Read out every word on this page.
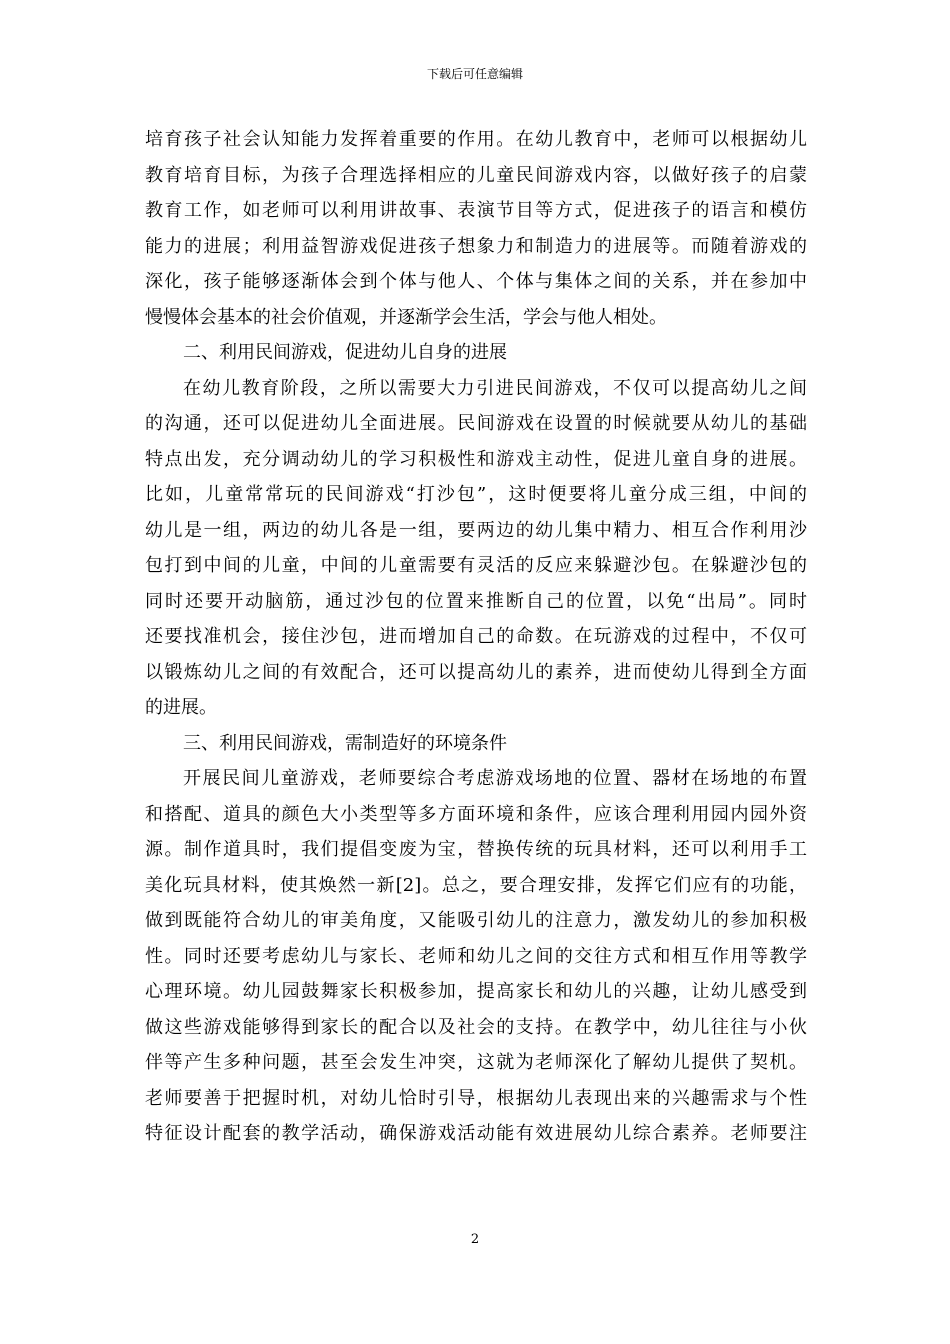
下载后可任意编辑
培育孩子社会认知能力发挥着重要的作用。在幼儿教育中，老师可以根据幼儿
教育培育目标，为孩子合理选择相应的儿童民间游戏内容，以做好孩子的启蒙
教育工作，如老师可以利用讲故事、表演节目等方式，促进孩子的语言和模仿
能力的进展；利用益智游戏促进孩子想象力和制造力的进展等。而随着游戏的
深化，孩子能够逐渐体会到个体与他人、个体与集体之间的关系，并在参加中
慢慢体会基本的社会价值观，并逐渐学会生活，学会与他人相处。
二、利用民间游戏，促进幼儿自身的进展
在幼儿教育阶段，之所以需要大力引进民间游戏，不仅可以提高幼儿之间
的沟通，还可以促进幼儿全面进展。民间游戏在设置的时候就要从幼儿的基础
特点出发，充分调动幼儿的学习积极性和游戏主动性，促进儿童自身的进展。
比如，儿童常常玩的民间游戏“打沙包”，这时便要将儿童分成三组，中间的
幼儿是一组，两边的幼儿各是一组，要两边的幼儿集中精力、相互合作利用沙
包打到中间的儿童，中间的儿童需要有灵活的反应来躲避沙包。在躲避沙包的
同时还要开动脑筋，通过沙包的位置来推断自己的位置，以免“出局”。同时
还要找准机会，接住沙包，进而增加自己的命数。在玩游戏的过程中，不仅可
以锻炼幼儿之间的有效配合，还可以提高幼儿的素养，进而使幼儿得到全方面
的进展。
三、利用民间游戏，需制造好的环境条件
开展民间儿童游戏，老师要综合考虑游戏场地的位置、器材在场地的布置
和搭配、道具的颜色大小类型等多方面环境和条件，应该合理利用园内园外资
源。制作道具时，我们提倡变废为宝，替换传统的玩具材料，还可以利用手工
美化玩具材料，使其焕然一新[2]。总之，要合理安排，发挥它们应有的功能，
做到既能符合幼儿的审美角度，又能吸引幼儿的注意力，激发幼儿的参加积极
性。同时还要考虑幼儿与家长、老师和幼儿之间的交往方式和相互作用等教学
心理环境。幼儿园鼓舞家长积极参加，提高家长和幼儿的兴趣，让幼儿感受到
做这些游戏能够得到家长的配合以及社会的支持。在教学中，幼儿往往与小伙
伴等产生多种问题，甚至会发生冲突，这就为老师深化了解幼儿提供了契机。
老师要善于把握时机，对幼儿恰时引导，根据幼儿表现出来的兴趣需求与个性
特征设计配套的教学活动，确保游戏活动能有效进展幼儿综合素养。老师要注
2
